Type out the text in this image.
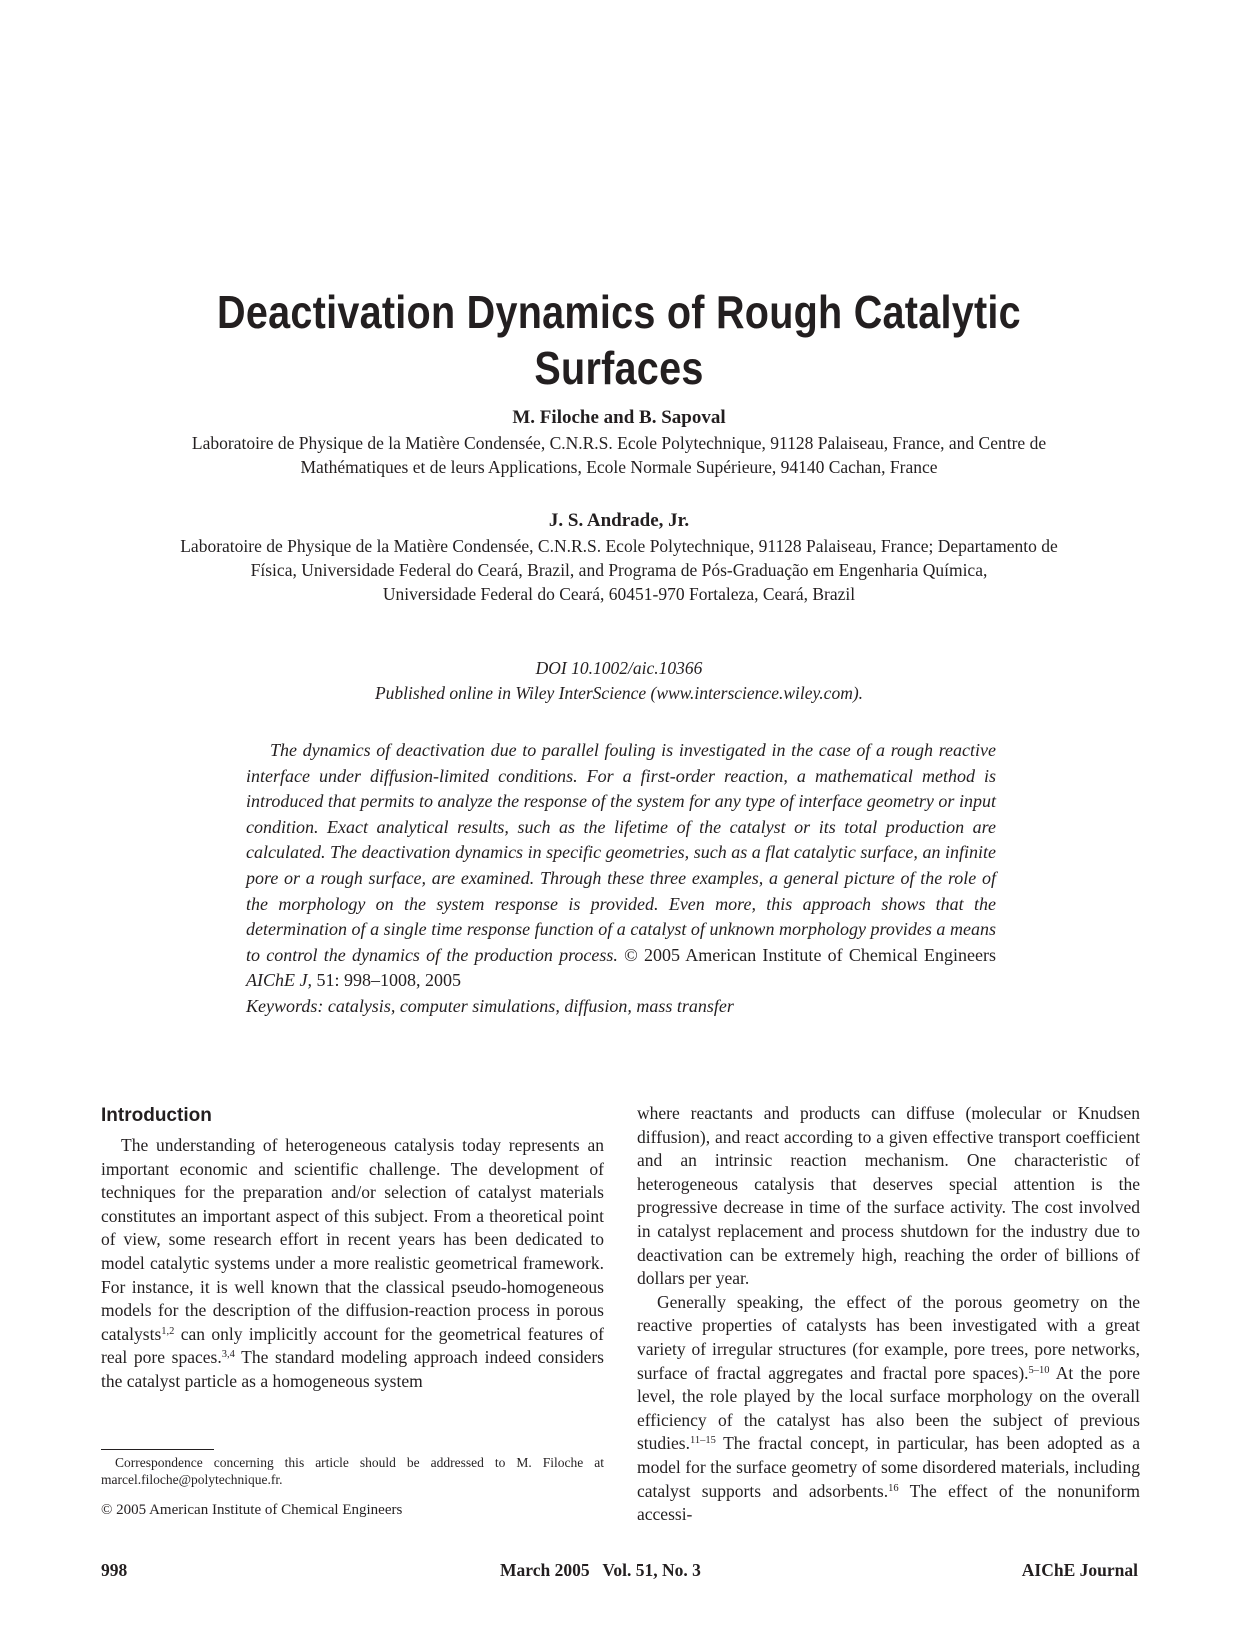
Deactivation Dynamics of Rough Catalytic
Surfaces
M. Filoche and B. Sapoval
Laboratoire de Physique de la Matière Condensée, C.N.R.S. Ecole Polytechnique, 91128 Palaiseau, France, and Centre de
Mathématiques et de leurs Applications, Ecole Normale Supérieure, 94140 Cachan, France
J. S. Andrade, Jr.
Laboratoire de Physique de la Matière Condensée, C.N.R.S. Ecole Polytechnique, 91128 Palaiseau, France; Departamento de
Física, Universidade Federal do Ceará, Brazil, and Programa de Pós-Graduação em Engenharia Química,
Universidade Federal do Ceará, 60451-970 Fortaleza, Ceará, Brazil
DOI 10.1002/aic.10366
Published online in Wiley InterScience (www.interscience.wiley.com).
The dynamics of deactivation due to parallel fouling is investigated in the case of a rough reactive interface under diffusion-limited conditions. For a first-order reaction, a mathematical method is introduced that permits to analyze the response of the system for any type of interface geometry or input condition. Exact analytical results, such as the lifetime of the catalyst or its total production are calculated. The deactivation dynamics in specific geometries, such as a flat catalytic surface, an infinite pore or a rough surface, are examined. Through these three examples, a general picture of the role of the morphology on the system response is provided. Even more, this approach shows that the determination of a single time response function of a catalyst of unknown morphology provides a means to control the dynamics of the production process. © 2005 American Institute of Chemical Engineers AIChE J, 51: 998–1008, 2005
Keywords: catalysis, computer simulations, diffusion, mass transfer
Introduction

The understanding of heterogeneous catalysis today represents an important economic and scientific challenge. The development of techniques for the preparation and/or selection of catalyst materials constitutes an important aspect of this subject. From a theoretical point of view, some research effort in recent years has been dedicated to model catalytic systems under a more realistic geometrical framework. For instance, it is well known that the classical pseudo-homogeneous models for the description of the diffusion-reaction process in porous catalysts$^{1,2}$ can only implicitly account for the geometrical features of real pore spaces.$^{3,4}$ The standard modeling approach indeed considers the catalyst particle as a homogeneous system

where reactants and products can diffuse (molecular or Knudsen diffusion), and react according to a given effective transport coefficient and an intrinsic reaction mechanism. One characteristic of heterogeneous catalysis that deserves special attention is the progressive decrease in time of the surface activity. The cost involved in catalyst replacement and process shutdown for the industry due to deactivation can be extremely high, reaching the order of billions of dollars per year.

Generally speaking, the effect of the porous geometry on the reactive properties of catalysts has been investigated with a great variety of irregular structures (for example, pore trees, pore networks, surface of fractal aggregates and fractal pore spaces).$^{5-10}$ At the pore level, the role played by the local surface morphology on the overall efficiency of the catalyst has also been the subject of previous studies.$^{11-15}$ The fractal concept, in particular, has been adopted as a model for the surface geometry of some disordered materials, including catalyst supports and adsorbents.$^{16}$ The effect of the nonuniform accessi-

Correspondence concerning this article should be addressed to M. Filoche at marcel.filoche@polytechnique.fr.
© 2005 American Institute of Chemical Engineers
998	March 2005   Vol. 51, No. 3	AIChE Journal
